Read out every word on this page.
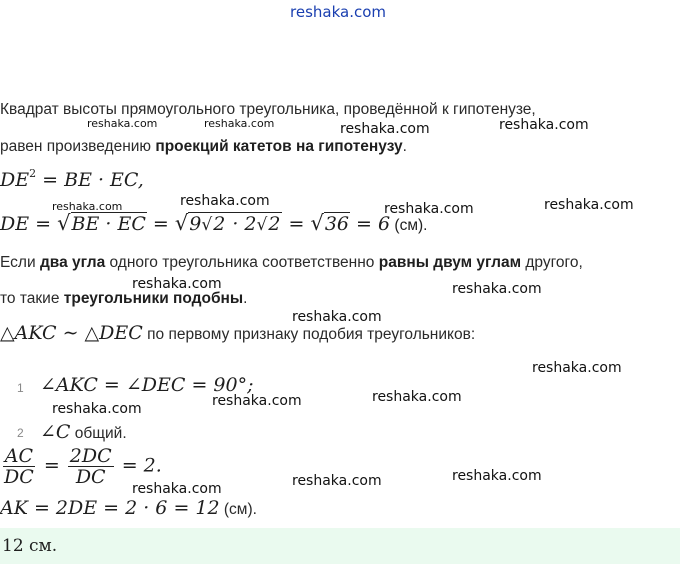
reshaka.com
Квадрат высоты прямоугольного треугольника, проведённой к гипотенузе,
равен произведению проекций катетов на гипотенузу.
$DE^2$ = BE · EC,
DE = √BE · EC = √9√2 · 2√2 = √36 = 6 (см).
Если два угла одного треугольника соответственно равны двум углам другого,
то такие треугольники подобны.
△AKC ∼ △DEC по первому признаку подобия треугольников:
1 ∠AKC = ∠DEC = 90°;
2 ∠C общий.
$\frac{AC}{DC} = \frac{2DC}{DC} = 2$.
AK = 2DE = 2 · 6 = 12 (см).
12 см.
reshaka.com	reshaka.com	reshaka.com	reshaka.com
reshaka.com	reshaka.com	reshaka.com	reshaka.com
reshaka.com	reshaka.com
reshaka.com
reshaka.com
reshaka.com	reshaka.com
reshaka.com
reshaka.com
reshaka.com
reshaka.com
